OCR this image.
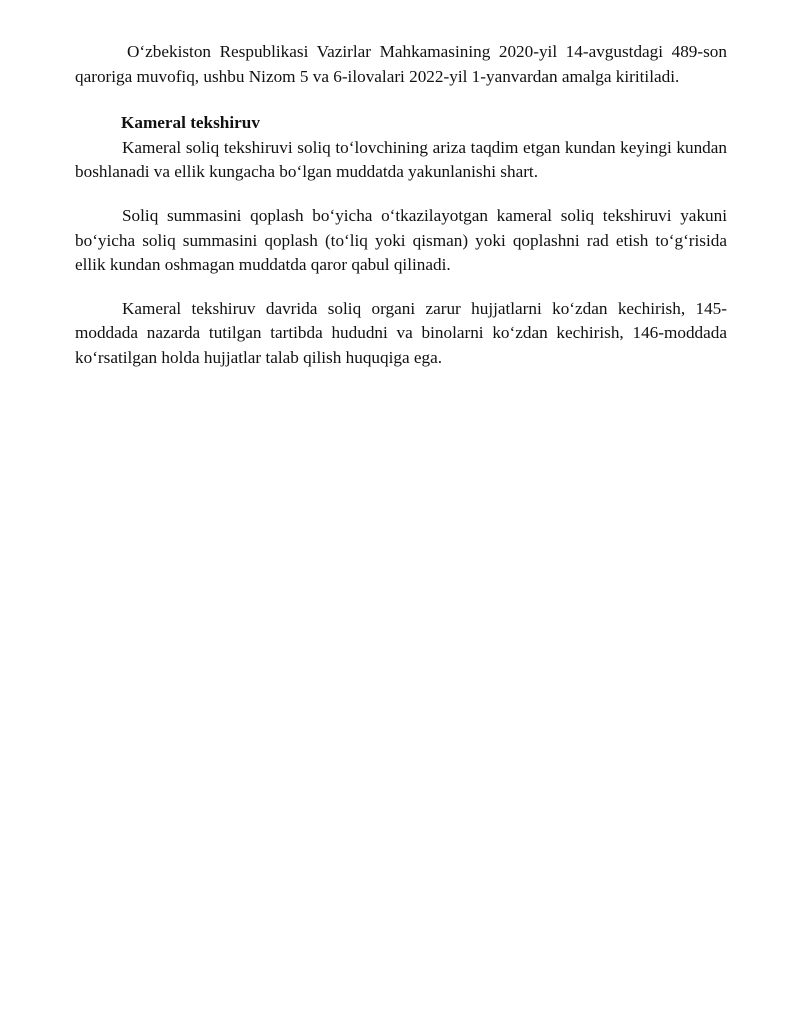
Oʻzbekiston Respublikasi Vazirlar Mahkamasining 2020-yil 14-avgustdagi 489-son qaroriga muvofiq, ushbu Nizom 5 va 6-ilovalari 2022-yil 1-yanvardan amalga kiritiladi.

Kameral tekshiruv

Kameral soliq tekshiruvi soliq toʻlovchining ariza taqdim etgan kundan keyingi kundan boshlanadi va ellik kungacha boʻlgan muddatda yakunlanishi shart.

Soliq summasini qoplash boʻyicha oʻtkazilayotgan kameral soliq tekshiruvi yakuni boʻyicha soliq summasini qoplash (toʻliq yoki qisman) yoki qoplashni rad etish toʻgʻrisida ellik kundan oshmagan muddatda qaror qabul qilinadi.

Kameral tekshiruv davrida soliq organi zarur hujjatlarni koʻzdan kechirish, 145-moddada nazarda tutilgan tartibda hududni va binolarni koʻzdan kechirish, 146-moddada koʻrsatilgan holda hujjatlar talab qilish huquqiga ega.
